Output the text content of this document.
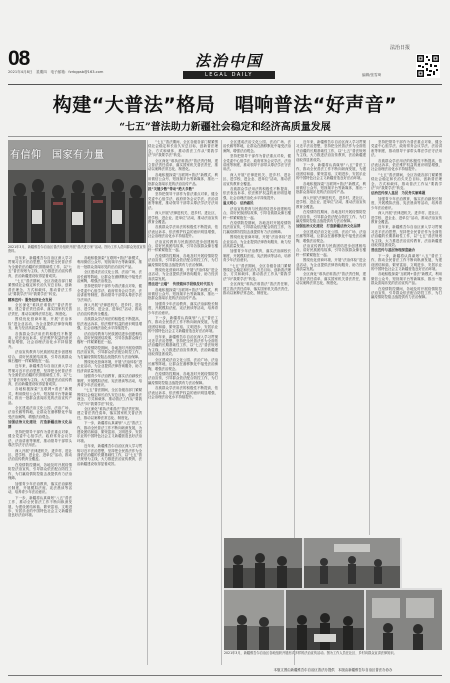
08
2021年4月8日　星期四　电子邮箱：fzrbgpsb@163.com
法治中国
LEGAL DAILY
法治日报
编辑/张雪琦
构建“大普法”格局　唱响普法“好声音”
“七五”普法助力新疆社会稳定和经济高质量发展
有信仰　国家有力量
2021年3月，新疆维吾尔自治区普法办组织开展“普法进万家”活动。图为工作人员向群众发放宣传资料。

近年来，新疆维吾尔自治区深入学习贯彻习近平法治思想，坚持把全民普法作为全面依法治疆的长期基础性工作，以“七五”普法规划为主线，大力推进法治宣传教育，法治新疆建设取得显著成效。

“七五”普法期间，全区各级各部门紧紧围绕社会稳定和长治久安总目标，创新普法理念、方式和载体，推动普法工作从“要我学法”向“我要学法”转变。

精准宣传：服务经济社会发展

全区深化“谁执法谁普法”普法责任制，建立普法责任清单，落实国家机关普法责任，推动以案释法常态化、制度化。

围绕优化营商环境，开展“法治体检”进企业活动，为企业提供法律咨询服务，助力经济高质量发展。

各族群众学法用法的积极性不断提高，依法表达诉求、依法维护权益的意识明显增强，社会治理法治化水平持续提升。

法治宣传教育与民族团结进步创建相结合，讲好民族团结故事，引导各族群众像石榴籽一样紧紧抱在一起。

近年来，新疆维吾尔自治区深入学习贯彻习近平法治思想，坚持把全民普法作为全面依法治疆的长期基础性工作，以“七五”普法规划为主线，大力推进法治宣传教育，法治新疆建设取得显著成效。

各地积极探索“互联网+普法”新模式，利用微信公众号、短视频平台等新媒体，推出一批群众喜闻乐见的法治宣传产品。

全区建成法治文化公园、法治广场、法治长廊等阵地，让群众在潜移默化中接受法治熏陶，增强法治观念。

加强法治文化建设　打造新疆法治文化品牌

坚持把领导干部作为普法重点对象，健全党委中心组学法、政府常务会议学法、法治讲座等制度，推动领导干部带头尊法学法守法用法。

深入开展“法律进机关、进乡村、进社区、进学校、进企业、进单位”活动，推动法治宣传教育全覆盖。

在疫情防控期间，各地及时开展疫情防控法治宣传，引导群众依法配合防控工作，为打赢疫情防控阻击战提供有力法治保障。

加强青少年法治教育，落实法治副校长制度，开展模拟法庭、宪法晨读等活动，培养青少年法治意识。

下一步，新疆将认真谋划“八五”普法工作，推动全民普法工作不断向纵深发展，为建设团结和谐、繁荣富裕、文明进步、安居乐业的中国特色社会主义新疆营造良好法治环境。

各地积极探索“互联网+普法”新模式，利用微信公众号、短视频平台等新媒体，推出一批群众喜闻乐见的法治宣传产品。

全区建成法治文化公园、法治广场、法治长廊等阵地，让群众在潜移默化中接受法治熏陶，增强法治观念。

坚持把领导干部作为普法重点对象，健全党委中心组学法、政府常务会议学法、法治讲座等制度，推动领导干部带头尊法学法守法用法。

深入开展“法律进机关、进乡村、进社区、进学校、进企业、进单位”活动，推动法治宣传教育全覆盖。

各族群众学法用法的积极性不断提高，依法表达诉求、依法维护权益的意识明显增强，社会治理法治化水平持续提升。

法治宣传教育与民族团结进步创建相结合，讲好民族团结故事，引导各族群众像石榴籽一样紧紧抱在一起。

在疫情防控期间，各地及时开展疫情防控法治宣传，引导群众依法配合防控工作，为打赢疫情防控阻击战提供有力法治保障。

围绕优化营商环境，开展“法治体检”进企业活动，为企业提供法律咨询服务，助力经济高质量发展。

加强青少年法治教育，落实法治副校长制度，开展模拟法庭、宪法晨读等活动，培养青少年法治意识。

“七五”普法期间，全区各级各部门紧紧围绕社会稳定和长治久安总目标，创新普法理念、方式和载体，推动普法工作从“要我学法”向“我要学法”转变。

全区深化“谁执法谁普法”普法责任制，建立普法责任清单，落实国家机关普法责任，推动以案释法常态化、制度化。

下一步，新疆将认真谋划“八五”普法工作，推动全民普法工作不断向纵深发展，为建设团结和谐、繁荣富裕、文明进步、安居乐业的中国特色社会主义新疆营造良好法治环境。

近年来，新疆维吾尔自治区深入学习贯彻习近平法治思想，坚持把全民普法作为全面依法治疆的长期基础性工作，以“七五”普法规划为主线，大力推进法治宣传教育，法治新疆建设取得显著成效。

“七五”普法期间，全区各级各部门紧紧围绕社会稳定和长治久安总目标，创新普法理念、方式和载体，推动普法工作从“要我学法”向“我要学法”转变。

全区深化“谁执法谁普法”普法责任制，建立普法责任清单，落实国家机关普法责任，推动以案释法常态化、制度化。

各地积极探索“互联网+普法”新模式，利用微信公众号、短视频平台等新媒体，推出一批群众喜闻乐见的法治宣传产品。

抓“关键少数”带动“绝大多数”

坚持把领导干部作为普法重点对象，健全党委中心组学法、政府常务会议学法、法治讲座等制度，推动领导干部带头尊法学法守法用法。

深入开展“法律进机关、进乡村、进社区、进学校、进企业、进单位”活动，推动法治宣传教育全覆盖。

各族群众学法用法的积极性不断提高，依法表达诉求、依法维护权益的意识明显增强，社会治理法治化水平持续提升。

法治宣传教育与民族团结进步创建相结合，讲好民族团结故事，引导各族群众像石榴籽一样紧紧抱在一起。

在疫情防控期间，各地及时开展疫情防控法治宣传，引导群众依法配合防控工作，为打赢疫情防控阻击战提供有力法治保障。

围绕优化营商环境，开展“法治体检”进企业活动，为企业提供法律咨询服务，助力经济高质量发展。

普法进“云端”　传统载体手段焕发时代活力

各地积极探索“互联网+普法”新模式，利用微信公众号、短视频平台等新媒体，推出一批群众喜闻乐见的法治宣传产品。

加强青少年法治教育，落实法治副校长制度，开展模拟法庭、宪法晨读等活动，培养青少年法治意识。

下一步，新疆将认真谋划“八五”普法工作，推动全民普法工作不断向纵深发展，为建设团结和谐、繁荣富裕、文明进步、安居乐业的中国特色社会主义新疆营造良好法治环境。

近年来，新疆维吾尔自治区深入学习贯彻习近平法治思想，坚持把全民普法作为全面依法治疆的长期基础性工作，以“七五”普法规划为主线，大力推进法治宣传教育，法治新疆建设取得显著成效。

全区建成法治文化公园、法治广场、法治长廊等阵地，让群众在潜移默化中接受法治熏陶，增强法治观念。

在疫情防控期间，各地及时开展疫情防控法治宣传，引导群众依法配合防控工作，为打赢疫情防控阻击战提供有力法治保障。

各族群众学法用法的积极性不断提高，依法表达诉求、依法维护权益的意识明显增强，社会治理法治化水平持续提升。

全区建成法治文化公园、法治广场、法治长廊等阵地，让群众在潜移默化中接受法治熏陶，增强法治观念。

坚持把领导干部作为普法重点对象，健全党委中心组学法、政府常务会议学法、法治讲座等制度，推动领导干部带头尊法学法守法用法。

深入开展“法律进机关、进乡村、进社区、进学校、进企业、进单位”活动，推动法治宣传教育全覆盖。

各族群众学法用法的积极性不断提高，依法表达诉求、依法维护权益的意识明显增强，社会治理法治化水平持续提升。

温文明心　法治惠民

法治宣传教育与民族团结进步创建相结合，讲好民族团结故事，引导各族群众像石榴籽一样紧紧抱在一起。

在疫情防控期间，各地及时开展疫情防控法治宣传，引导群众依法配合防控工作，为打赢疫情防控阻击战提供有力法治保障。

围绕优化营商环境，开展“法治体检”进企业活动，为企业提供法律咨询服务，助力经济高质量发展。

加强青少年法治教育，落实法治副校长制度，开展模拟法庭、宪法晨读等活动，培养青少年法治意识。

“七五”普法期间，全区各级各部门紧紧围绕社会稳定和长治久安总目标，创新普法理念、方式和载体，推动普法工作从“要我学法”向“我要学法”转变。

全区深化“谁执法谁普法”普法责任制，建立普法责任清单，落实国家机关普法责任，推动以案释法常态化、制度化。

近年来，新疆维吾尔自治区深入学习贯彻习近平法治思想，坚持把全民普法作为全面依法治疆的长期基础性工作，以“七五”普法规划为主线，大力推进法治宣传教育，法治新疆建设取得显著成效。

下一步，新疆将认真谋划“八五”普法工作，推动全民普法工作不断向纵深发展，为建设团结和谐、繁荣富裕、文明进步、安居乐业的中国特色社会主义新疆营造良好法治环境。

各地积极探索“互联网+普法”新模式，利用微信公众号、短视频平台等新媒体，推出一批群众喜闻乐见的法治宣传产品。

深入开展“法律进机关、进乡村、进社区、进学校、进企业、进单位”活动，推动法治宣传教育全覆盖。

在疫情防控期间，各地及时开展疫情防控法治宣传，引导群众依法配合防控工作，为打赢疫情防控阻击战提供有力法治保障。

加强法治文化建设　打造新疆法治文化品牌

全区建成法治文化公园、法治广场、法治长廊等阵地，让群众在潜移默化中接受法治熏陶，增强法治观念。

法治宣传教育与民族团结进步创建相结合，讲好民族团结故事，引导各族群众像石榴籽一样紧紧抱在一起。

围绕优化营商环境，开展“法治体检”进企业活动，为企业提供法律咨询服务，助力经济高质量发展。

全区深化“谁执法谁普法”普法责任制，建立普法责任清单，落实国家机关普法责任，推动以案释法常态化、制度化。

坚持把领导干部作为普法重点对象，健全党委中心组学法、政府常务会议学法、法治讲座等制度，推动领导干部带头尊法学法守法用法。

各族群众学法用法的积极性不断提高，依法表达诉求、依法维护权益的意识明显增强，社会治理法治化水平持续提升。

“七五”普法期间，全区各级各部门紧紧围绕社会稳定和长治久安总目标，创新普法理念、方式和载体，推动普法工作从“要我学法”向“我要学法”转变。

法治宣传深入基层　为民务实解难题

加强青少年法治教育，落实法治副校长制度，开展模拟法庭、宪法晨读等活动，培养青少年法治意识。

深入开展“法律进机关、进乡村、进社区、进学校、进企业、进单位”活动，推动法治宣传教育全覆盖。

近年来，新疆维吾尔自治区深入学习贯彻习近平法治思想，坚持把全民普法作为全面依法治疆的长期基础性工作，以“七五”普法规划为主线，大力推进法治宣传教育，法治新疆建设取得显著成效。

普法宣传与基层治理深度融合

下一步，新疆将认真谋划“八五”普法工作，推动全民普法工作不断向纵深发展，为建设团结和谐、繁荣富裕、文明进步、安居乐业的中国特色社会主义新疆营造良好法治环境。

各地积极探索“互联网+普法”新模式，利用微信公众号、短视频平台等新媒体，推出一批群众喜闻乐见的法治宣传产品。

在疫情防控期间，各地及时开展疫情防控法治宣传，引导群众依法配合防控工作，为打赢疫情防控阻击战提供有力法治保障。

2021年3月，新疆维吾尔自治区各地组织开展形式多样的法治宣传活动。图为工作人员在社区、乡村向群众宣讲法律知识。
本版文图由新疆维吾尔自治区普法办提供　本版由新疆维吾尔自治区普法办协办
